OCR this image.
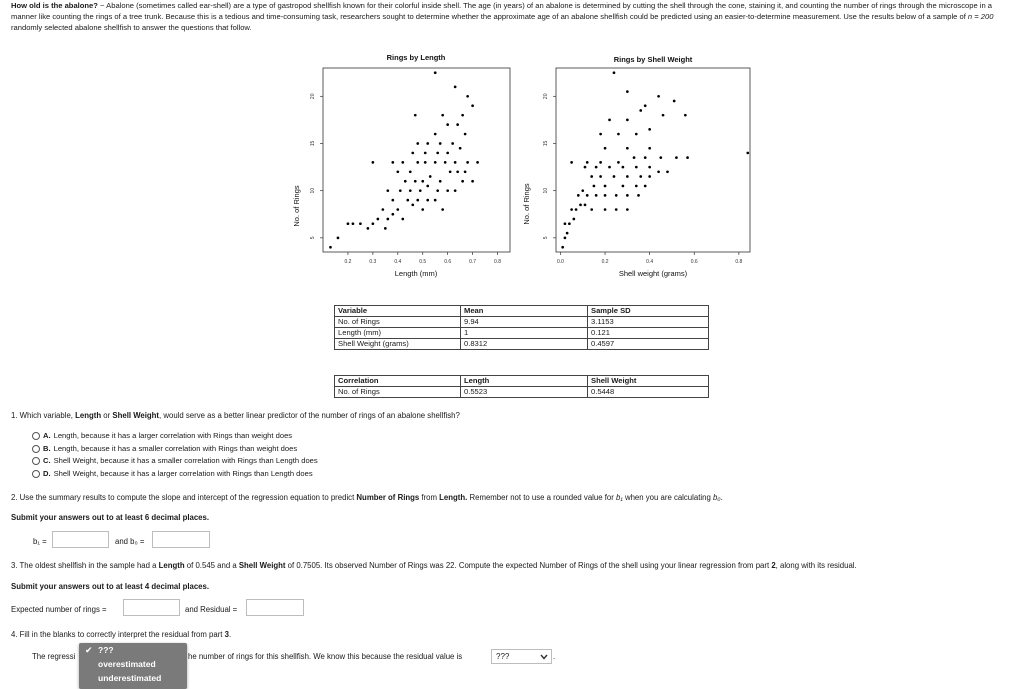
How old is the abalone? ~ Abalone (sometimes called ear-shell) are a type of gastropod shellfish known for their colorful inside shell. The age (in years) of an abalone is determined by cutting the shell through the cone, staining it, and counting the number of rings through the microscope in a manner like counting the rings of a tree trunk. Because this is a tedious and time-consuming task, researchers sought to determine whether the approximate age of an abalone shellfish could be predicted using an easier-to-determine measurement. Use the results below of a sample of n = 200 randomly selected abalone shellfish to answer the questions that follow.
Rings by Length
No. of Rings
Length (mm)
0.2	0.3	0.4	0.5	0.6	0.7	0.8
5
10
15
20
Rings by Shell Weight
No. of Rings
Shell weight (grams)
0.0	0.2	0.4	0.6	0.8
5
10
15
20
Variable	Mean	Sample SD
No. of Rings	9.94	3.1153
Length (mm)	1	0.121
Shell Weight (grams)	0.8312	0.4597
Correlation	Length	Shell Weight
No. of Rings	0.5523	0.5448
1. Which variable, Length or Shell Weight, would serve as a better linear predictor of the number of rings of an abalone shellfish?
A. Length, because it has a larger correlation with Rings than weight does
B. Length, because it has a smaller correlation with Rings than weight does
C. Shell Weight, because it has a smaller correlation with Rings than Length does
D. Shell Weight, because it has a larger correlation with Rings than Length does
2. Use the summary results to compute the slope and intercept of the regression equation to predict Number of Rings from Length. Remember not to use a rounded value for b₁ when you are calculating b₀.
Submit your answers out to at least 6 decimal places.
b₁ =	and b₀ =
3. The oldest shellfish in the sample had a Length of 0.545 and a Shell Weight of 0.7505. Its observed Number of Rings was 22. Compute the expected Number of Rings of the shell using your linear regression from part 2, along with its residual.
Submit your answers out to at least 4 decimal places.
Expected number of rings =	and Residual =
4. Fill in the blanks to correctly interpret the residual from part 3.
The regressi	he number of rings for this shellfish. We know this because the residual value is	???	.
✔ ???
overestimated
underestimated
